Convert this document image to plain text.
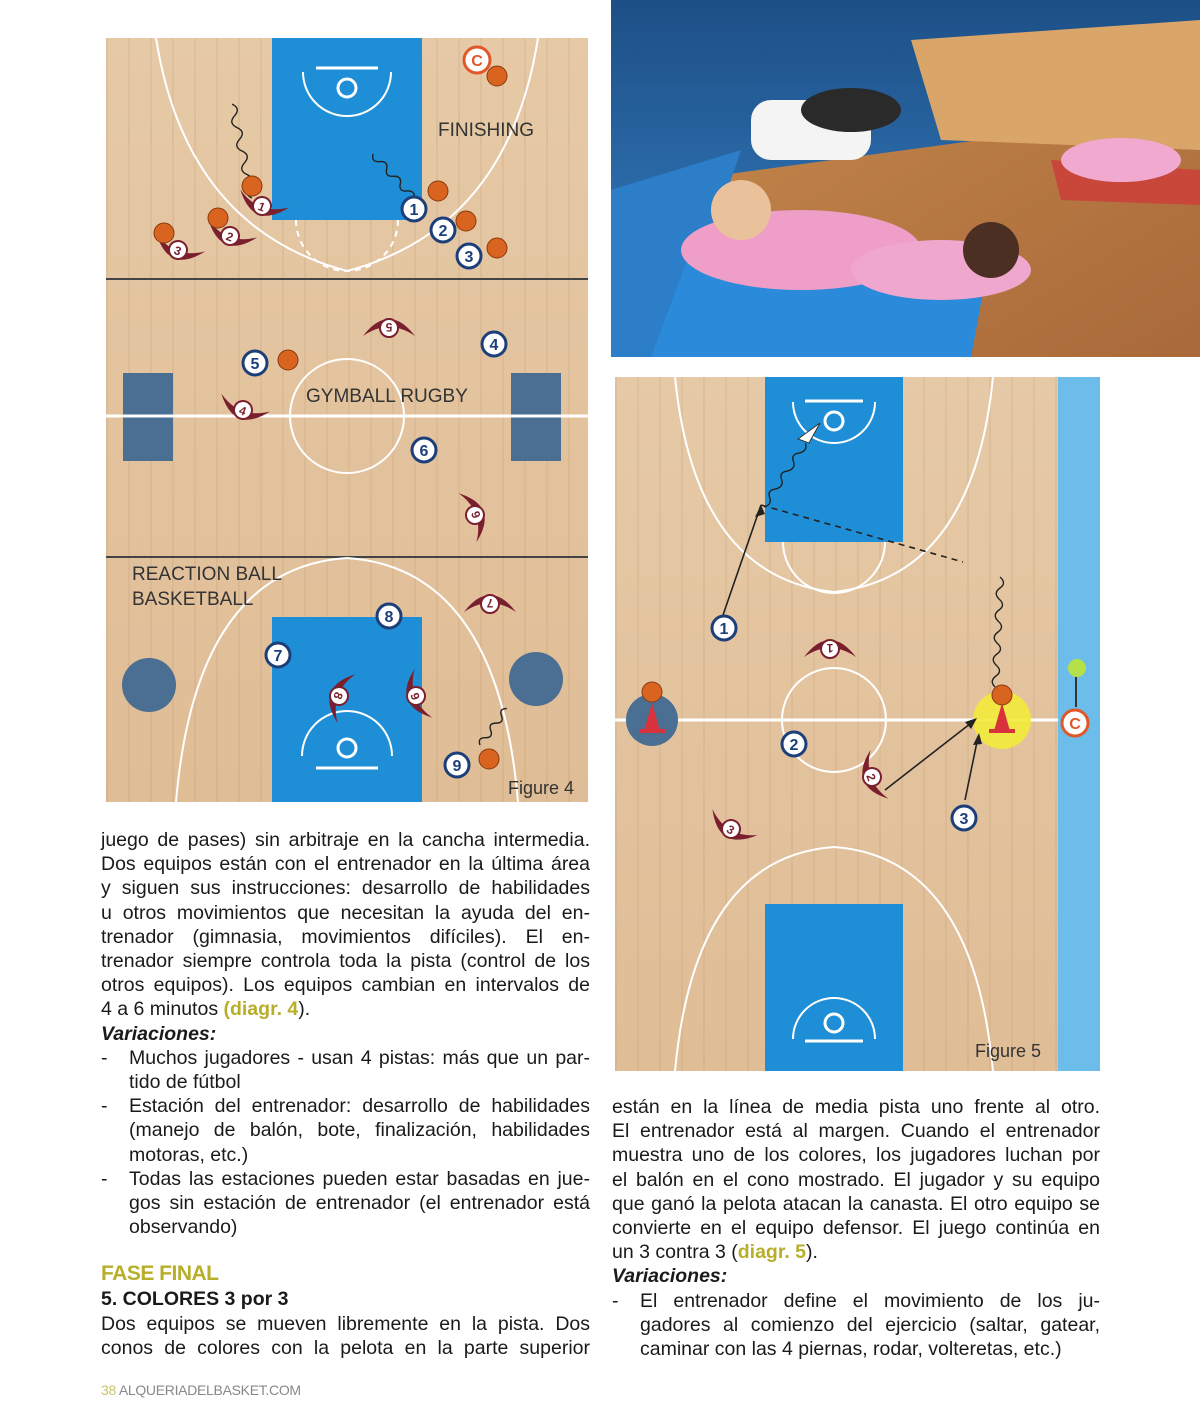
FINISHING
GYMBALL RUGBY
REACTION BALL
BASKETBALL
Figure 4
C
1
2
3
1
2
3
4
5
5
4
6
6
8
7
7
8	9
9
Figure 5
C
1
2
3
1
2
3
juego de pases) sin arbitraje en la cancha intermedia.
Dos equipos están con el entrenador en la última área
y siguen sus instrucciones: desarrollo de habilidades
u otros movimientos que necesitan la ayuda del en-
trenador (gimnasia, movimientos difíciles). El en-
trenador siempre controla toda la pista (control de los
otros equipos). Los equipos cambian en intervalos de
4 a 6 minutos (diagr. 4).
Variaciones:
- Muchos jugadores - usan 4 pistas: más que un par-
tido de fútbol
- Estación del entrenador: desarrollo de habilidades
(manejo de balón, bote, finalización, habilidades
motoras, etc.)
- Todas las estaciones pueden estar basadas en jue-
gos sin estación de entrenador (el entrenador está
observando)
FASE FINAL
5. COLORES 3 por 3
Dos equipos se mueven libremente en la pista. Dos
conos de colores con la pelota en la parte superior
están en la línea de media pista uno frente al otro.
El entrenador está al margen. Cuando el entrenador
muestra uno de los colores, los jugadores luchan por
el balón en el cono mostrado. El jugador y su equipo
que ganó la pelota atacan la canasta. El otro equipo se
convierte en el equipo defensor. El juego continúa en
un 3 contra 3 (diagr. 5).
Variaciones:
- El entrenador define el movimiento de los ju-
gadores al comienzo del ejercicio (saltar, gatear,
caminar con las 4 piernas, rodar, volteretas, etc.)
38 ALQUERIADELBASKET.COM
